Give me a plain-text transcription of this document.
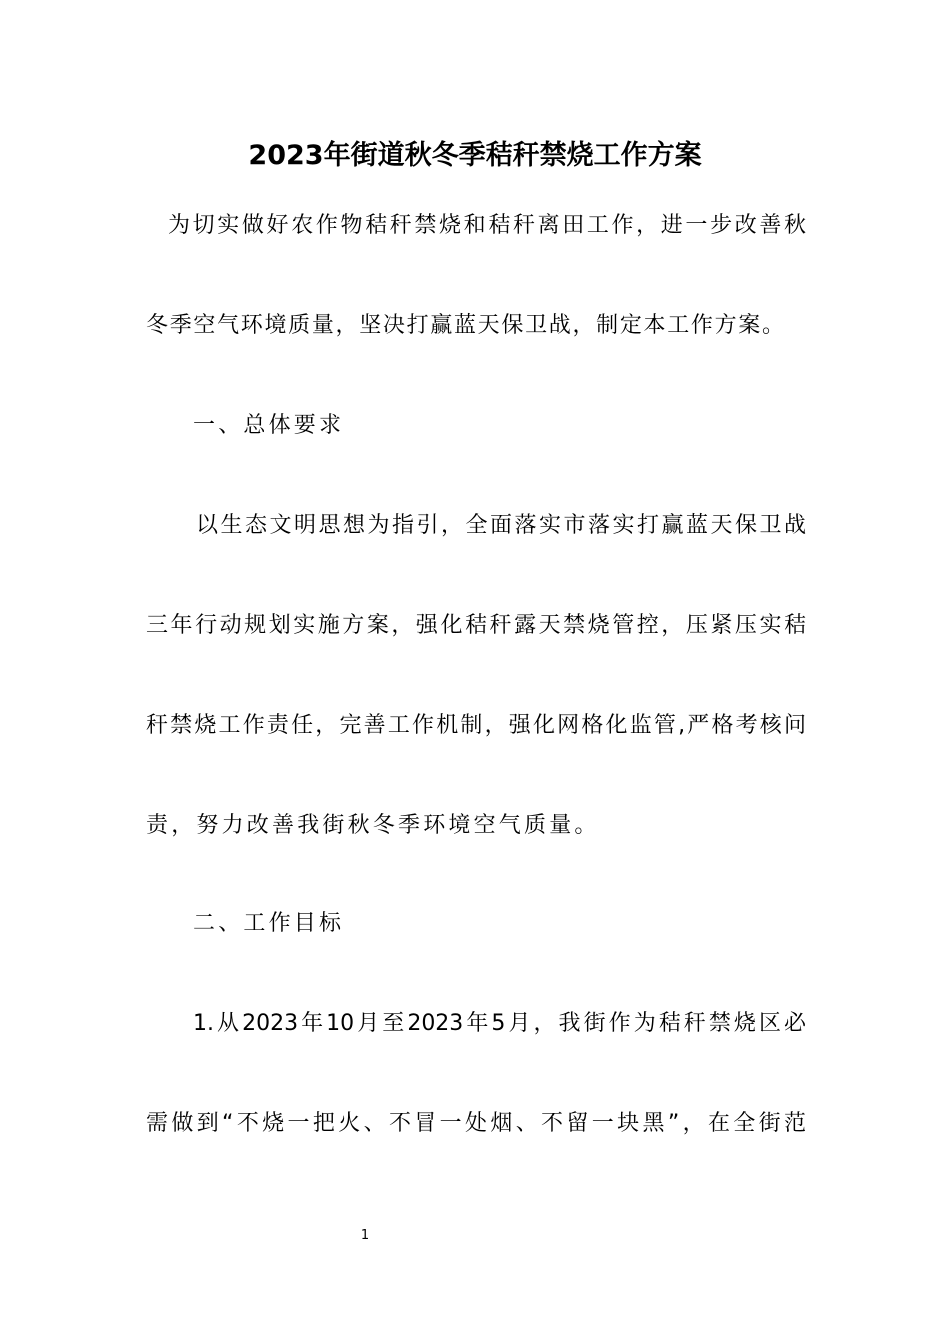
2023年街道秋冬季秸秆禁烧工作方案
为切实做好农作物秸秆禁烧和秸秆离田工作，进一步改善秋
冬季空气环境质量，坚决打赢蓝天保卫战，制定本工作方案。
一、总体要求
以生态文明思想为指引，全面落实市落实打赢蓝天保卫战
三年行动规划实施方案，强化秸秆露天禁烧管控，压紧压实秸
秆禁烧工作责任，完善工作机制，强化网格化监管,严格考核问
责，努力改善我街秋冬季环境空气质量。
二、工作目标
1.从2023年10月至2023年5月，我街作为秸秆禁烧区必
需做到“不烧一把火、不冒一处烟、不留一块黑”，在全街范
1
